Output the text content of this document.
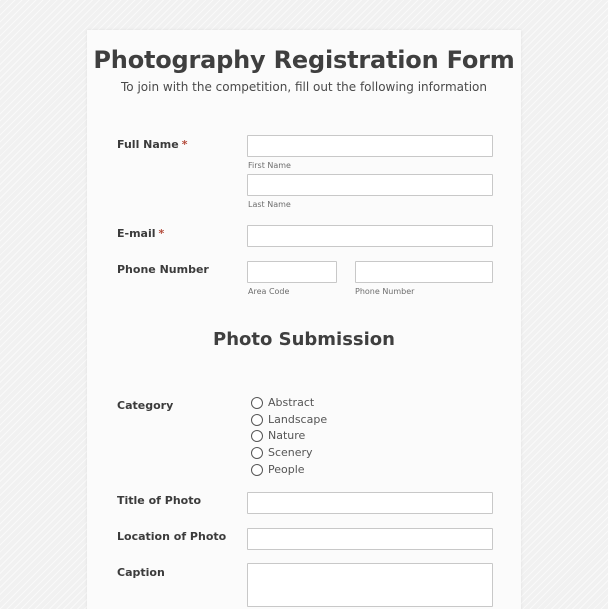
Photography Registration Form
To join with the competition, fill out the following information
Full Name *
First Name
Last Name
E-mail *
Phone Number
Area Code	Phone Number
Photo Submission
Category	Abstract
Landscape
Nature
Scenery
People
Title of Photo
Location of Photo
Caption
